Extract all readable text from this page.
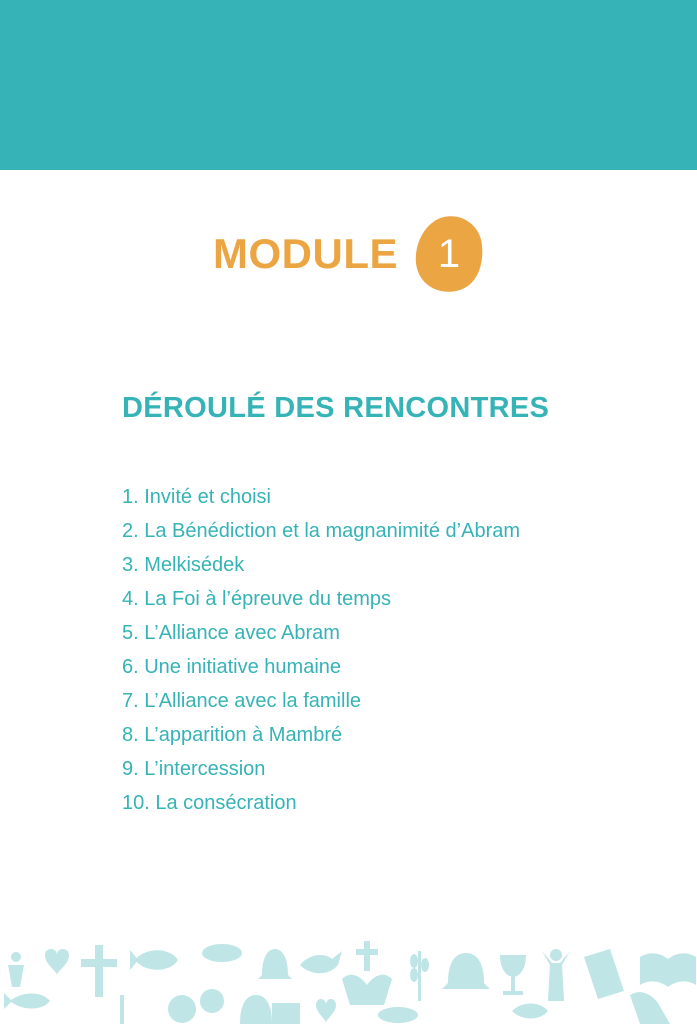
MODULE 1
DÉROULÉ DES RENCONTRES
1. Invité et choisi
2. La Bénédiction et la magnanimité d’Abram
3. Melkisédek
4. La Foi à l’épreuve du temps
5. L’Alliance avec Abram
6. Une initiative humaine
7. L’Alliance avec la famille
8. L’apparition à Mambré
9. L’intercession
10. La consécration
